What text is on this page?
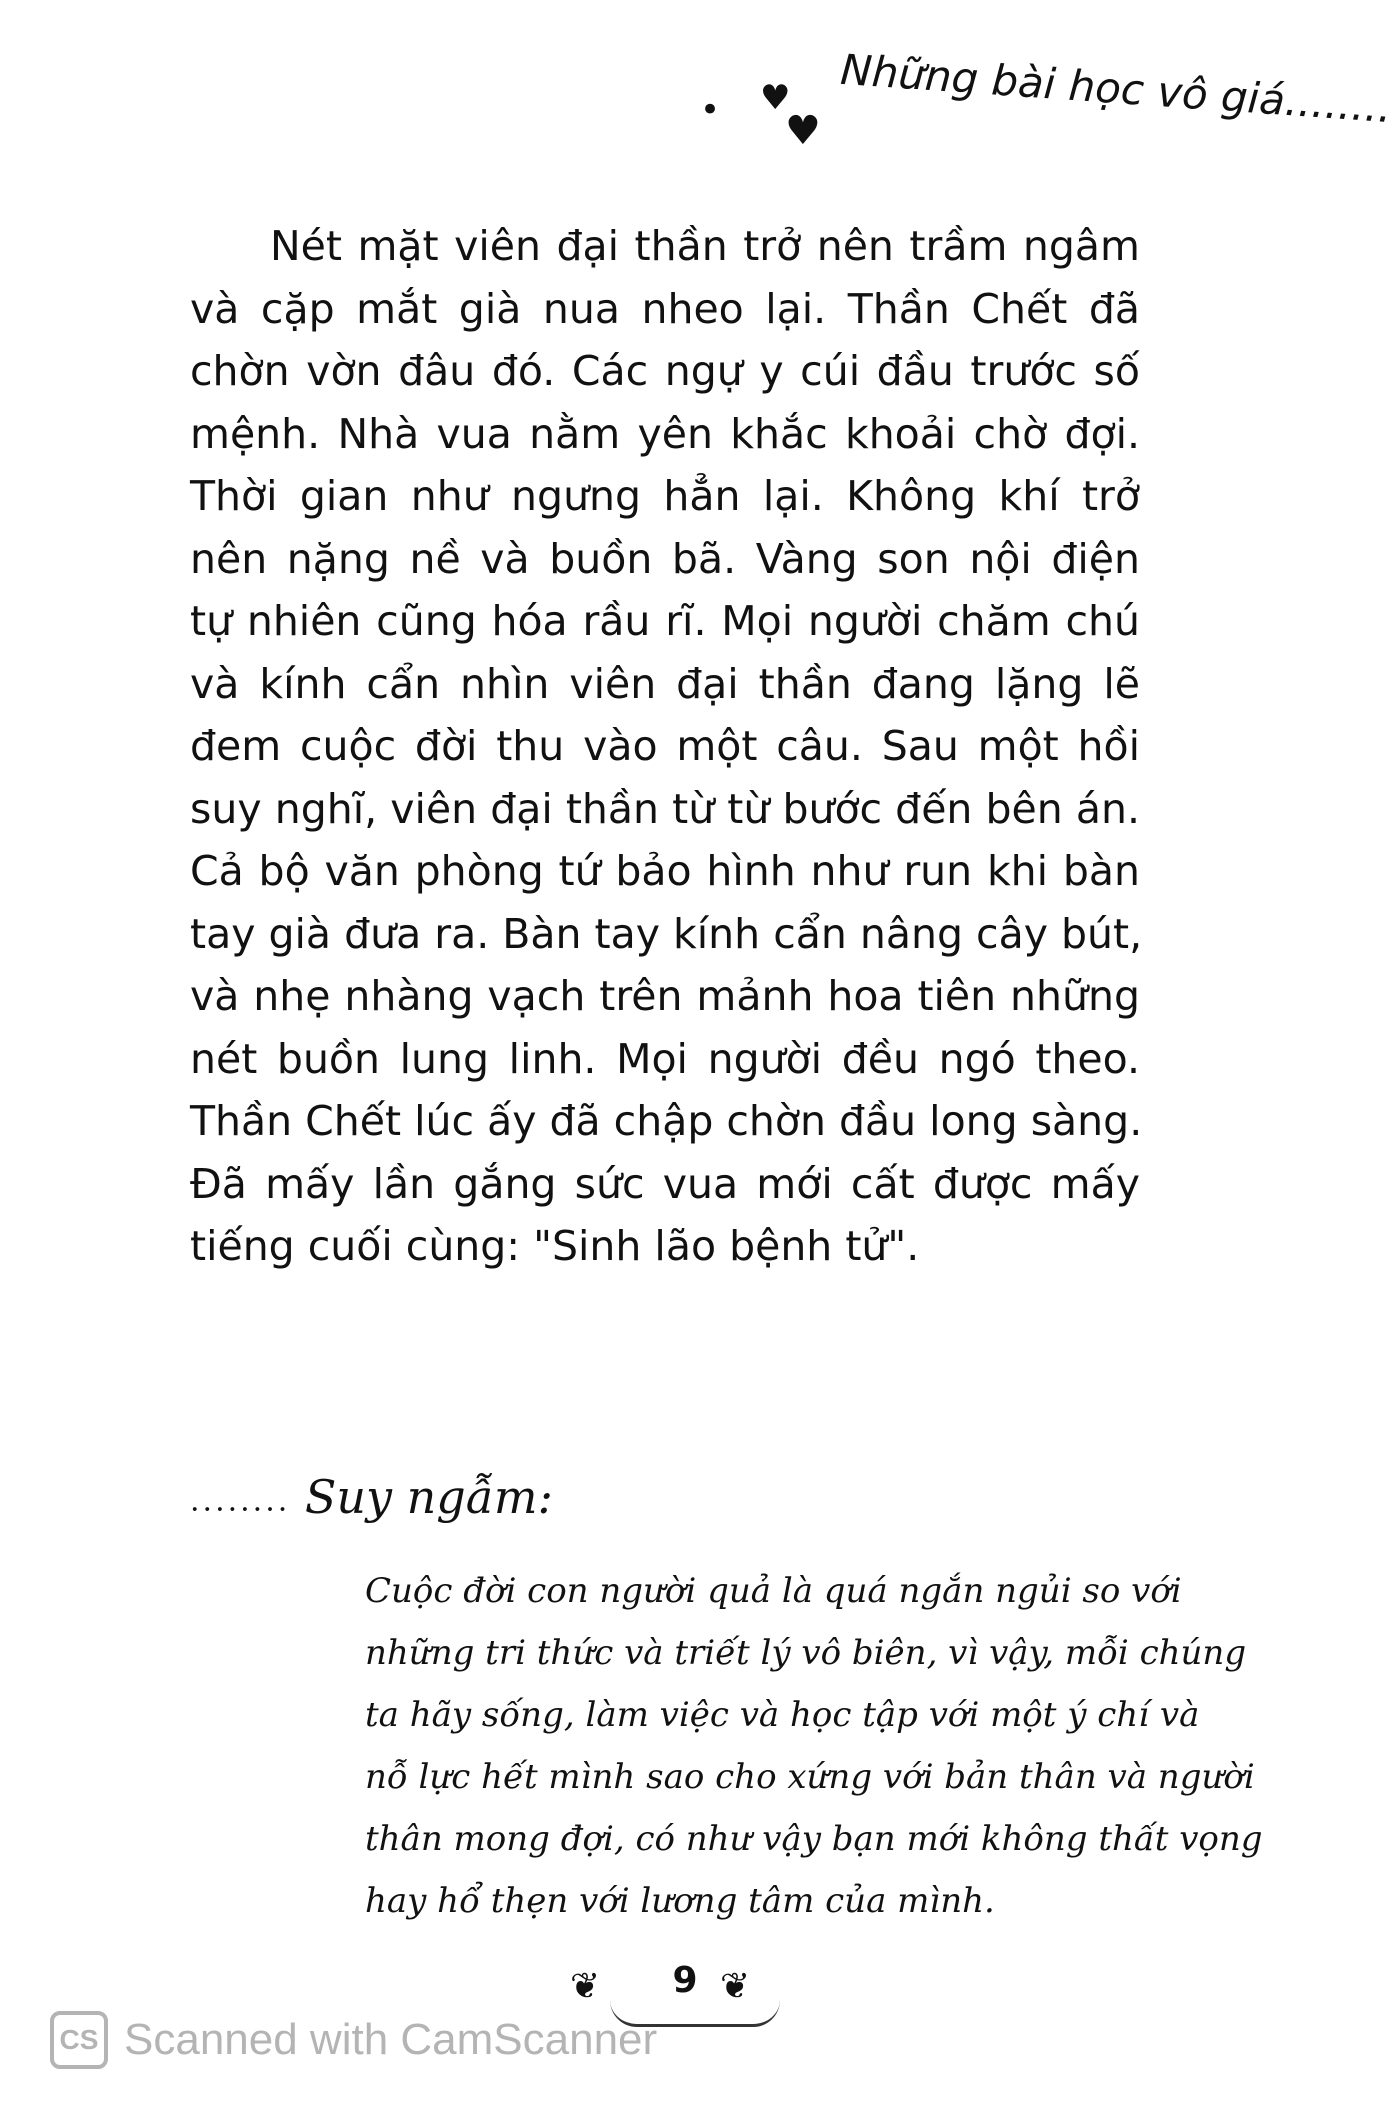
• ♥
♥ Những bài học vô giá........
Nét mặt viên đại thần trở nên trầm ngâm
và cặp mắt già nua nheo lại. Thần Chết đã
chờn vờn đâu đó. Các ngự y cúi đầu trước số
mệnh. Nhà vua nằm yên khắc khoải chờ đợi.
Thời gian như ngưng hẳn lại. Không khí trở
nên nặng nề và buồn bã. Vàng son nội điện
tự nhiên cũng hóa rầu rĩ. Mọi người chăm chú
và kính cẩn nhìn viên đại thần đang lặng lẽ
đem cuộc đời thu vào một câu. Sau một hồi
suy nghĩ, viên đại thần từ từ bước đến bên án.
Cả bộ văn phòng tứ bảo hình như run khi bàn
tay già đưa ra. Bàn tay kính cẩn nâng cây bút,
và nhẹ nhàng vạch trên mảnh hoa tiên những
nét buồn lung linh. Mọi người đều ngó theo.
Thần Chết lúc ấy đã chập chờn đầu long sàng.
Đã mấy lần gắng sức vua mới cất được mấy
tiếng cuối cùng: "Sinh lão bệnh tử".
........ Suy ngẫm:
Cuộc đời con người quả là quá ngắn ngủi so với
những tri thức và triết lý vô biên, vì vậy, mỗi chúng
ta hãy sống, làm việc và học tập với một ý chí và
nỗ lực hết mình sao cho xứng với bản thân và người
thân mong đợi, có như vậy bạn mới không thất vọng
hay hổ thẹn với lương tâm của mình.
❦	9 ❦
CS Scanned with CamScanner
